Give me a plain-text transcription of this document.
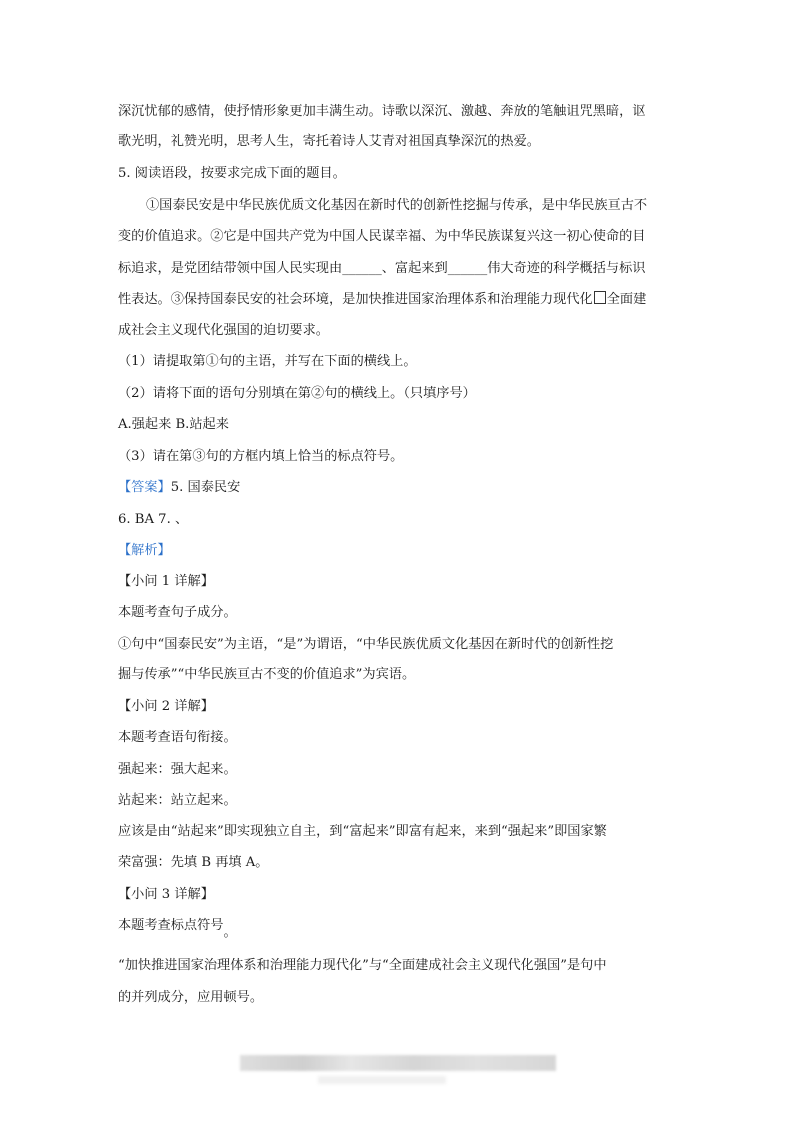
深沉忧郁的感情，使抒情形象更加丰满生动。诗歌以深沉、激越、奔放的笔触诅咒黑暗，讴
歌光明，礼赞光明，思考人生，寄托着诗人艾青对祖国真挚深沉的热爱。
5. 阅读语段，按要求完成下面的题目。
①国泰民安是中华民族优质文化基因在新时代的创新性挖掘与传承，是中华民族亘古不
变的价值追求。②它是中国共产党为中国人民谋幸福、为中华民族谋复兴这一初心使命的目
标追求，是党团结带领中国人民实现由______、富起来到______伟大奇迹的科学概括与标识
性表达。③保持国泰民安的社会环境，是加快推进国家治理体系和治理能力现代化 全面建
成社会主义现代化强国的迫切要求。
（1）请提取第①句的主语，并写在下面的横线上。
（2）请将下面的语句分别填在第②句的横线上。（只填序号）
A.强起来 B.站起来
（3）请在第③句的方框内填上恰当的标点符号。
【答案】5. 国泰民安
6. BA 7. 、
【解析】
【小问 1 详解】
本题考查句子成分。
①句中“国泰民安”为主语，“是”为谓语，“中华民族优质文化基因在新时代的创新性挖
掘与传承”“中华民族亘古不变的价值追求”为宾语。
【小问 2 详解】
本题考查语句衔接。
强起来：强大起来。
站起来：站立起来。
应该是由“站起来”即实现独立自主，到“富起来”即富有起来，来到“强起来”即国家繁
荣富强：先填 B 再填 A。
【小问 3 详解】
本题考查标点符号。
“加快推进国家治理体系和治理能力现代化”与“全面建成社会主义现代化强国”是句中
的并列成分，应用顿号。
